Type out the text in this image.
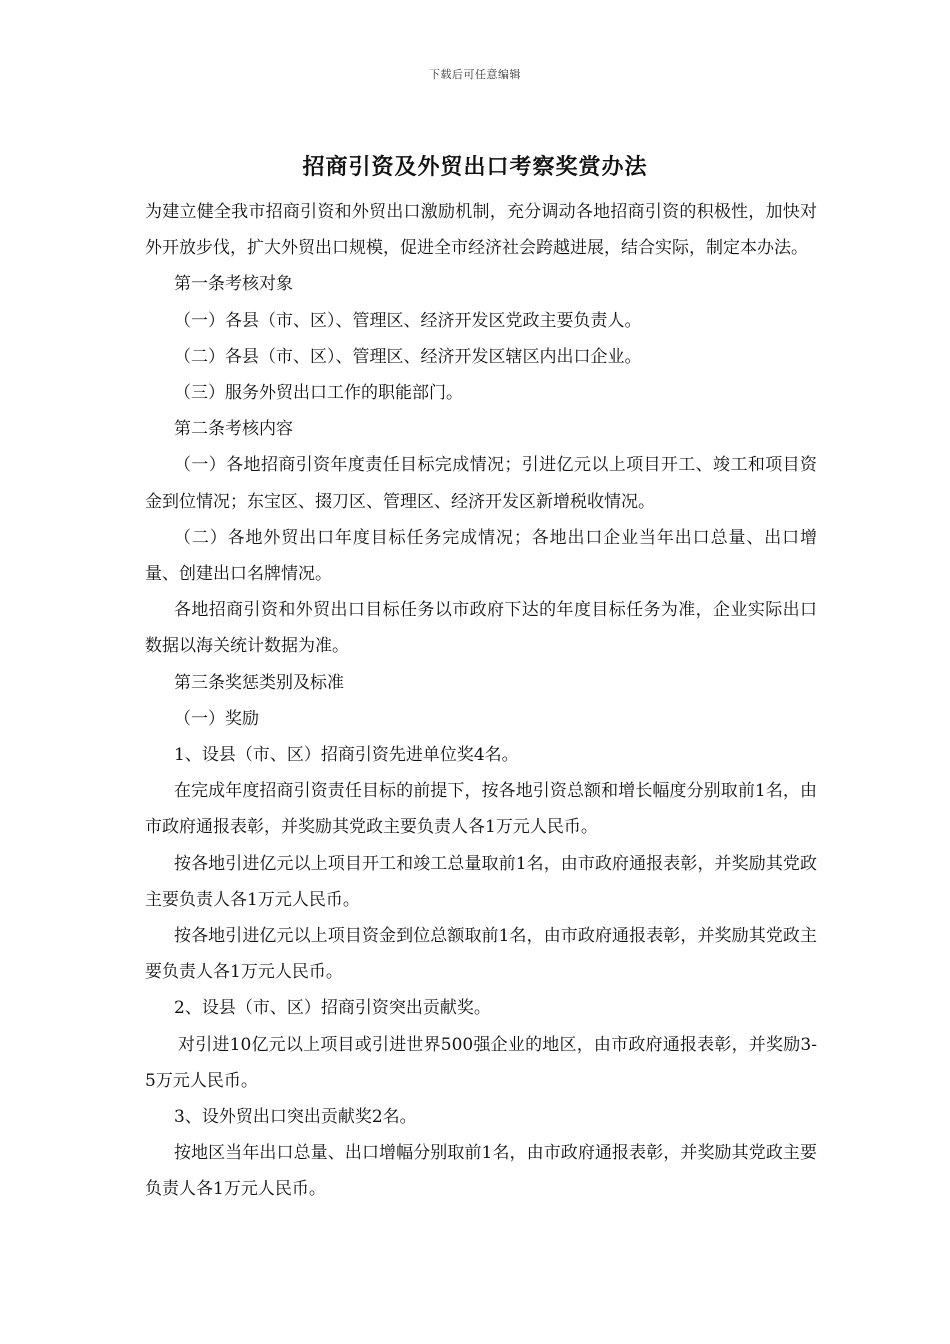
下载后可任意编辑
招商引资及外贸出口考察奖赏办法

为建立健全我市招商引资和外贸出口激励机制，充分调动各地招商引资的积极性，加快对外开放步伐，扩大外贸出口规模，促进全市经济社会跨越进展，结合实际，制定本办法。

第一条考核对象

（一）各县（市、区）、管理区、经济开发区党政主要负责人。

（二）各县（市、区）、管理区、经济开发区辖区内出口企业。

（三）服务外贸出口工作的职能部门。

第二条考核内容

（一）各地招商引资年度责任目标完成情况；引进亿元以上项目开工、竣工和项目资金到位情况；东宝区、掇刀区、管理区、经济开发区新增税收情况。

（二）各地外贸出口年度目标任务完成情况；各地出口企业当年出口总量、出口增量、创建出口名牌情况。

各地招商引资和外贸出口目标任务以市政府下达的年度目标任务为准，企业实际出口数据以海关统计数据为准。

第三条奖惩类别及标准

（一）奖励

1、设县（市、区）招商引资先进单位奖4名。

在完成年度招商引资责任目标的前提下，按各地引资总额和增长幅度分别取前1名，由市政府通报表彰，并奖励其党政主要负责人各1万元人民币。

按各地引进亿元以上项目开工和竣工总量取前1名，由市政府通报表彰，并奖励其党政主要负责人各1万元人民币。

按各地引进亿元以上项目资金到位总额取前1名，由市政府通报表彰，并奖励其党政主要负责人各1万元人民币。

2、设县（市、区）招商引资突出贡献奖。

对引进10亿元以上项目或引进世界500强企业的地区，由市政府通报表彰，并奖励3-5万元人民币。

3、设外贸出口突出贡献奖2名。

按地区当年出口总量、出口增幅分别取前1名，由市政府通报表彰，并奖励其党政主要负责人各1万元人民币。
